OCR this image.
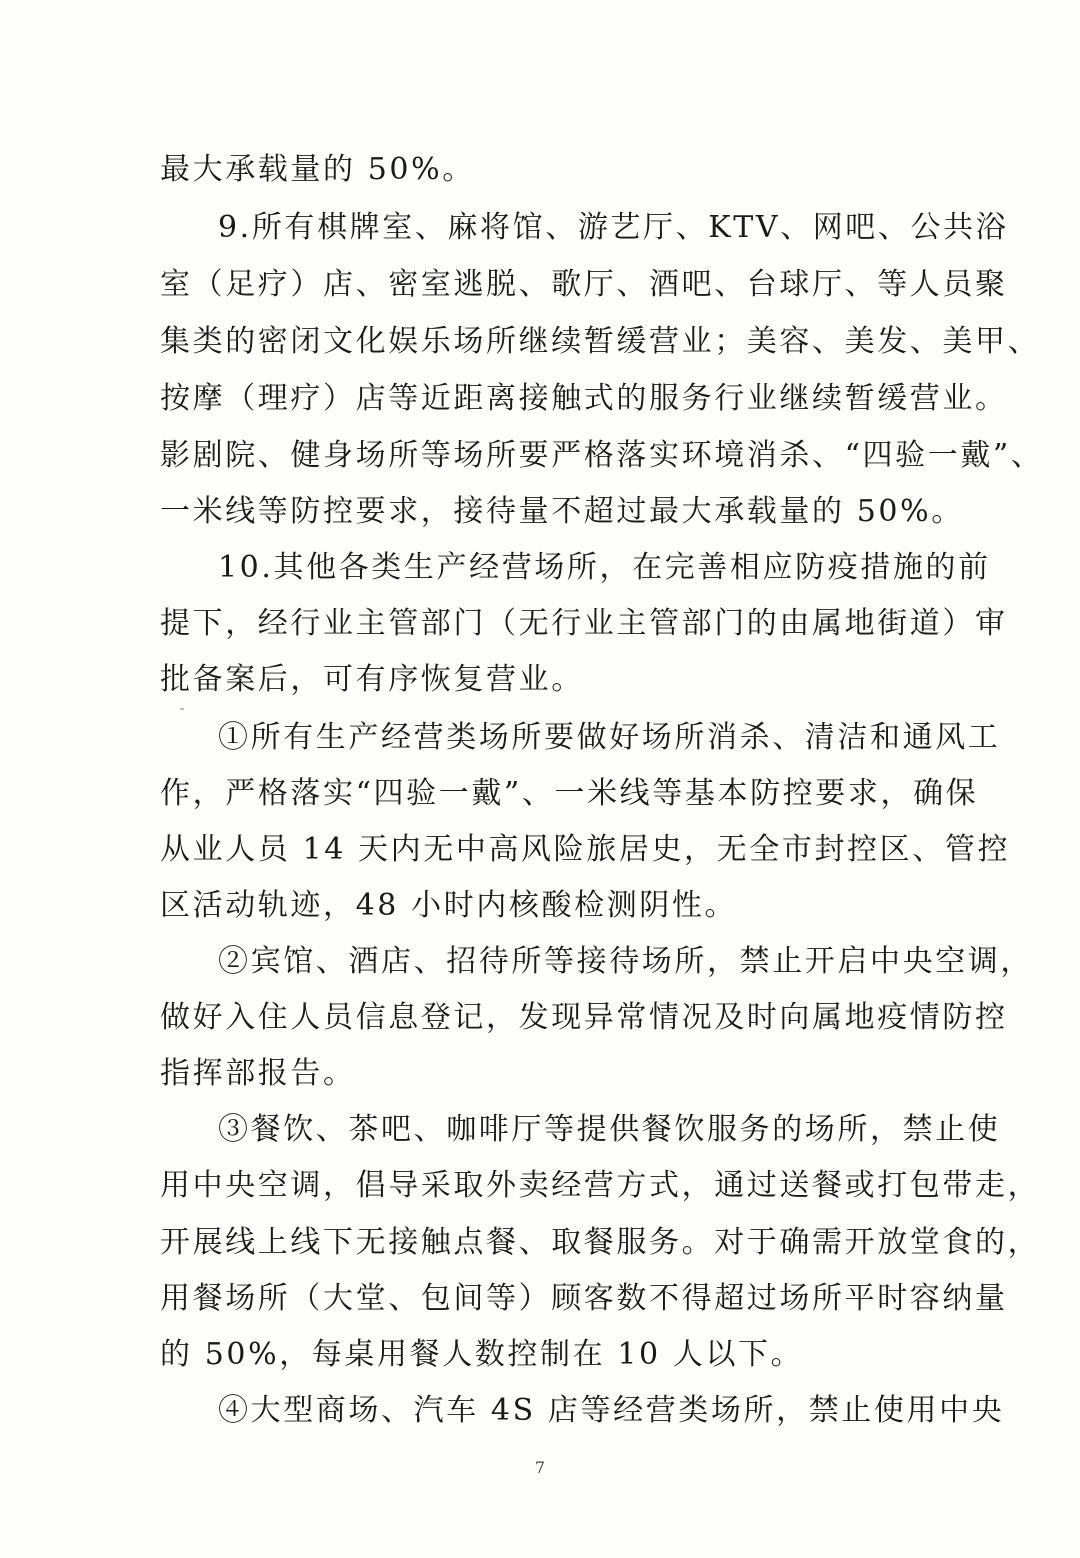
最大承载量的 50%。
9.所有棋牌室、麻将馆、游艺厅、KTV、网吧、公共浴
室（足疗）店、密室逃脱、歌厅、酒吧、台球厅、等人员聚
集类的密闭文化娱乐场所继续暂缓营业；美容、美发、美甲、
按摩（理疗）店等近距离接触式的服务行业继续暂缓营业。
影剧院、健身场所等场所要严格落实环境消杀、“四验一戴”、
一米线等防控要求，接待量不超过最大承载量的 50%。
10.其他各类生产经营场所，在完善相应防疫措施的前
提下，经行业主管部门（无行业主管部门的由属地街道）审
批备案后，可有序恢复营业。
①所有生产经营类场所要做好场所消杀、清洁和通风工
作，严格落实“四验一戴”、一米线等基本防控要求，确保
从业人员 14 天内无中高风险旅居史，无全市封控区、管控
区活动轨迹，48 小时内核酸检测阴性。
②宾馆、酒店、招待所等接待场所，禁止开启中央空调，
做好入住人员信息登记，发现异常情况及时向属地疫情防控
指挥部报告。
③餐饮、茶吧、咖啡厅等提供餐饮服务的场所，禁止使
用中央空调，倡导采取外卖经营方式，通过送餐或打包带走，
开展线上线下无接触点餐、取餐服务。对于确需开放堂食的，
用餐场所（大堂、包间等）顾客数不得超过场所平时容纳量
的 50%，每桌用餐人数控制在 10 人以下。
④大型商场、汽车 4S 店等经营类场所，禁止使用中央
7
